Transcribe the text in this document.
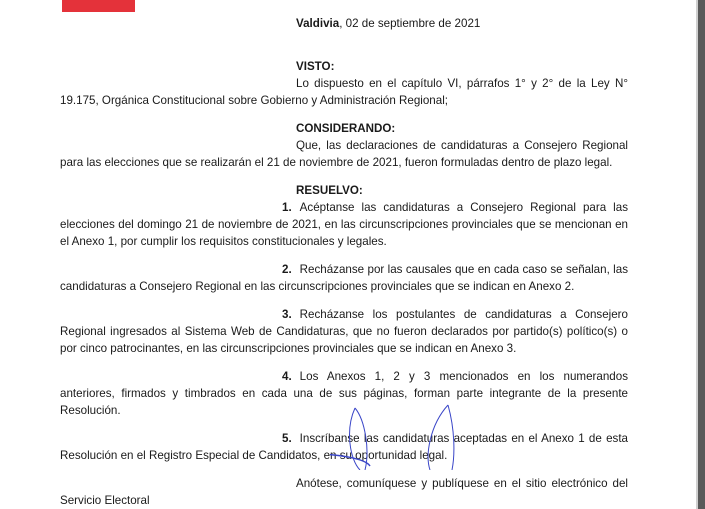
Valdivia, 02 de septiembre de 2021

VISTO:

Lo dispuesto en el capítulo VI, párrafos 1° y 2° de la Ley N° 19.175, Orgánica Constitucional sobre Gobierno y Administración Regional;

CONSIDERANDO:

Que, las declaraciones de candidaturas a Consejero Regional para las elecciones que se realizarán el 21 de noviembre de 2021, fueron formuladas dentro de plazo legal.

RESUELVO:

1. Acéptanse las candidaturas a Consejero Regional para las elecciones del domingo 21 de noviembre de 2021, en las circunscripciones provinciales que se mencionan en el Anexo 1, por cumplir los requisitos constitucionales y legales.

2. Recházanse por las causales que en cada caso se señalan, las candidaturas a Consejero Regional en las circunscripciones provinciales que se indican en Anexo 2.

3. Recházanse los postulantes de candidaturas a Consejero Regional ingresados al Sistema Web de Candidaturas, que no fueron declarados por partido(s) político(s) o por cinco patrocinantes, en las circunscripciones provinciales que se indican en Anexo 3.

4. Los Anexos 1, 2 y 3 mencionados en los numerandos anteriores, firmados y timbrados en cada una de sus páginas, forman parte integrante de la presente Resolución.

5. Inscríbanse las candidaturas aceptadas en el Anexo 1 de esta Resolución en el Registro Especial de Candidatos, en su oportunidad legal.

Anótese, comuníquese y publíquese en el sitio electrónico del Servicio Electoral
